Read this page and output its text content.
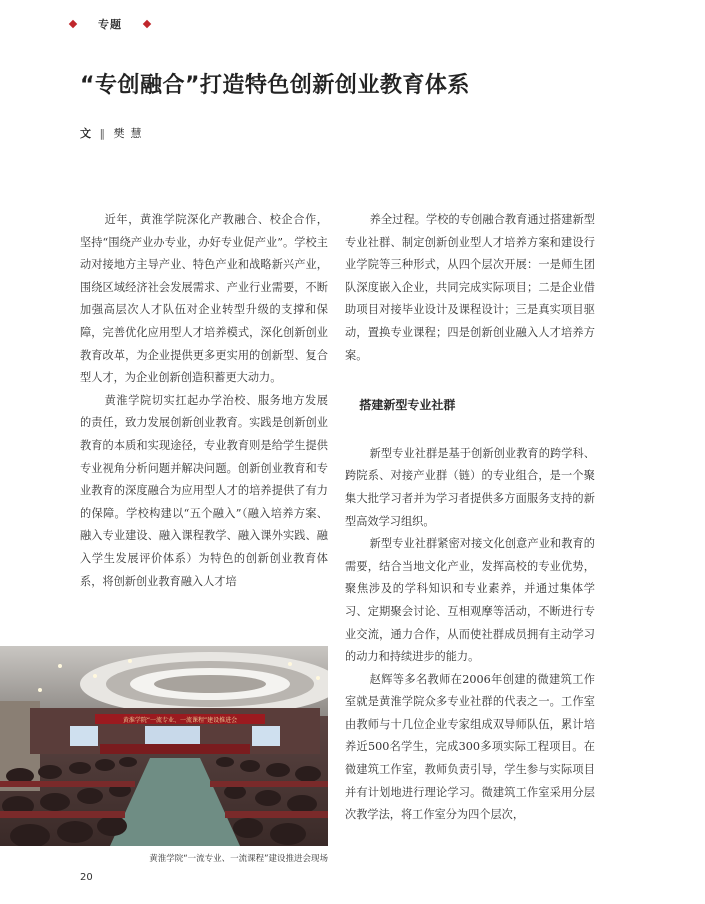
专题
“专创融合”打造特色创新创业教育体系
文 ‖ 樊慧

近年，黄淮学院深化产教融合、校企合作，坚持“围绕产业办专业，办好专业促产业”。学校主动对接地方主导产业、特色产业和战略新兴产业，围绕区域经济社会发展需求、产业行业需要，不断加强高层次人才队伍对企业转型升级的支撑和保障，完善优化应用型人才培养模式，深化创新创业教育改革，为企业提供更多更实用的创新型、复合型人才，为企业创新创造积蓄更大动力。

黄淮学院切实扛起办学治校、服务地方发展的责任，致力发展创新创业教育。实践是创新创业教育的本质和实现途径，专业教育则是给学生提供专业视角分析问题并解决问题。创新创业教育和专业教育的深度融合为应用型人才的培养提供了有力的保障。学校构建以“五个融入”（融入培养方案、融入专业建设、融入课程教学、融入课外实践、融入学生发展评价体系）为特色的创新创业教育体系，将创新创业教育融入人才培

养全过程。学校的专创融合教育通过搭建新型专业社群、制定创新创业型人才培养方案和建设行业学院等三种形式，从四个层次开展：一是师生团队深度嵌入企业，共同完成实际项目；二是企业借助项目对接毕业设计及课程设计；三是真实项目驱动，置换专业课程；四是创新创业融入人才培养方案。

搭建新型专业社群

新型专业社群是基于创新创业教育的跨学科、跨院系、对接产业群（链）的专业组合，是一个聚集大批学习者并为学习者提供多方面服务支持的新型高效学习组织。

新型专业社群紧密对接文化创意产业和教育的需要，结合当地文化产业，发挥高校的专业优势，聚焦涉及的学科知识和专业素养，并通过集体学习、定期聚会讨论、互相观摩等活动，不断进行专业交流，通力合作，从而使社群成员拥有主动学习的动力和持续进步的能力。

赵辉等多名教师在2006年创建的微建筑工作室就是黄淮学院众多专业社群的代表之一。工作室由教师与十几位企业专家组成双导师队伍，累计培养近500名学生，完成300多项实际工程项目。在微建筑工作室，教师负责引导，学生参与实际项目并有计划地进行理论学习。微建筑工作室采用分层次教学法，将工作室分为四个层次，

黄淮学院“一流专业、一流课程”建设推进会
黄淮学院“一流专业、一流课程”建设推进会现场
20
